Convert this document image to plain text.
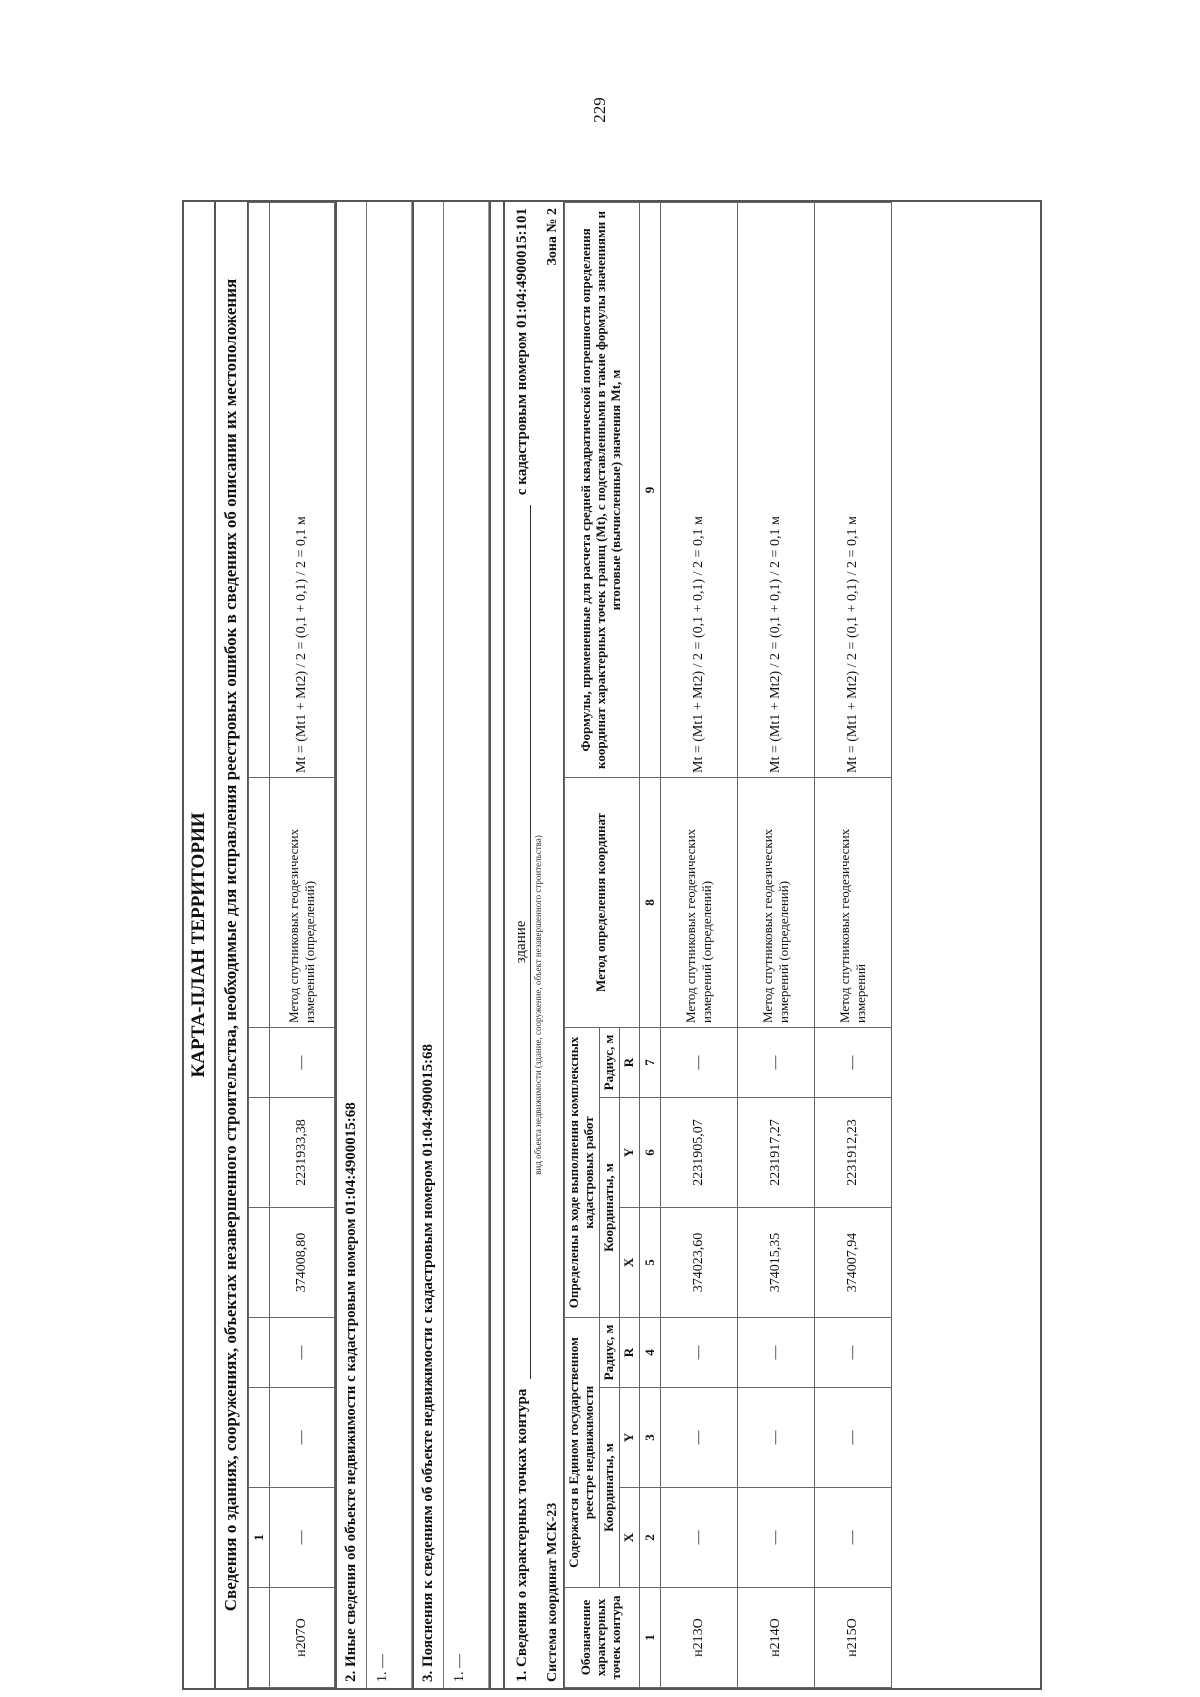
229
КАРТА-ПЛАН ТЕРРИТОРИИ Сведения о зданиях, сооружениях, объектах незавершенного строительства, необходимые для исправления реестровых ошибок в сведениях об описании их местоположения
	1							
н207О	—	—	—	374008,80	2231933,38	—	Метод спутниковых геодезических измерений (определений)	Mt = (Mt1 + Mt2) / 2 = (0,1 + 0,1) / 2 = 0,1 м
2. Иные сведения об объекте недвижимости с кадастровым номером 01:04:4900015:68	1. —	3. Пояснения к сведениям об объекте недвижимости с кадастровым номером 01:04:4900015:68	1. —	1. Сведения о характерных точках контура
здание
с кадастровым номером 01:04:4900015:101
вид объекта недвижимости (здание, сооружение, объект незавершенного строительства)
Система координат МСК-23
Зона № 2
Обозначение характерных точек контура	Содержатся в Едином государственном реестре недвижимости			Определены в ходе выполнения комплексных кадастровых работ			Метод определения координат	Формулы, примененные для расчета средней квадратической погрешности определения координат характерных точек границ (Mt), с подставленными в такие формулы значениями и итоговые (вычисленные) значения Mt, м
	Координаты, м		Радиус, м	Координаты, м		Радиус, м		
	X	Y	R	X	Y	R		
1	2	3	4	5	6	7	8	9
н213О	—	—	—	374023,60	2231905,07	—	Метод спутниковых геодезических измерений (определений)	Mt = (Mt1 + Mt2) / 2 = (0,1 + 0,1) / 2 = 0,1 м
н214О	—	—	—	374015,35	2231917,27	—	Метод спутниковых геодезических измерений (определений)	Mt = (Mt1 + Mt2) / 2 = (0,1 + 0,1) / 2 = 0,1 м
н215О	—	—	—	374007,94	2231912,23	—	Метод спутниковых геодезических измерений	Mt = (Mt1 + Mt2) / 2 = (0,1 + 0,1) / 2 = 0,1 м
